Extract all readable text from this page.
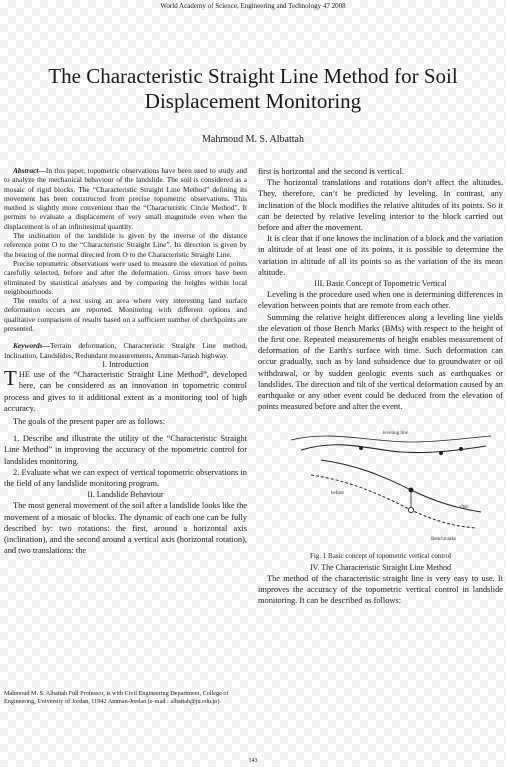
World Academy of Science, Engineering and Technology 47 2008
The Characteristic Straight Line Method for Soil Displacement Monitoring
Mahmoud M. S. Albattah

Abstract—In this paper, topometric observations have been used to study and to analyze the mechanical behaviour of the landslide. The soil is considered as a mosaic of rigid blocks. The “Characteristic Straight Line Method” defining its movement has been constructed from precise topometric observations. This method is slightly more convenient than the “Characteristic Circle Method”. It permits to evaluate a displacement of very small magnitude even when the displacement is of an infinitesimal quantity.

The inclination of the landslide is given by the inverse of the distance reference point O to the “Characteristic Straight Line”. Its direction is given by the bearing of the normal directed from O to the Characteristic Straight Line.

Precise topometric observations were used to measure the elevation of points carefully selected, before and after the deformation. Gross errors have been eliminated by statistical analyses and by comparing the heights within local neighbourhoods.

The results of a test using an area where very interesting land surface deformation occurs are reported. Monitoring with different options and qualitative comparison of results based on a sufficient number of checkpoints are presented.

Keywords—Terrain deformation, Characteristic Straight Line method, Inclination, Landslides, Redundant measurements, Amman-Jarash highway.

I. Introduction

THE use of the “Characteristic Straight Line Method”, developed here, can be considered as an innovation in topometric control process and gives to it additional extent as a monitoring tool of high accuracy.

The goals of the present paper are as follows:

1. Describe and illustrate the utility of the “Characteristic Straight Line Method” in improving the accuracy of the topometric control for landslides monitoring.

2. Evaluate what we can expect of vertical topometric observations in the field of any landslide monitoring program.

II. Landslide Behaviour

The most general movement of the soil after a landslide looks like the movement of a mosaic of blocks. The dynamic of each one can be fully described by: two rotations: the first, around a horizontal axis (inclination), and the second around a vertical axis (horizontal rotation), and two translations: the

Mahmoud M. S. Albattah Full Professor, is with Civil Engineering Department, College of Engineering, University of Jordan, 11942 Amman-Jordan (e-mail : albattah@ju.edu.jo).

first is horizontal and the second is vertical.

The horizontal translations and rotations don’t affect the altitudes. They, therefore, can’t be predicted by leveling. In contrast, any inclination of the block modifies the relative altitudes of its points. So it can be detected by relative leveling interior to the block carried out before and after the movement.

It is clear that if one knows the inclination of a block and the variation in altitude of at least one of its points, it is possible to determine the variation in altitude of all its points so as the variation of the its mean altitude.

III. Basic Concept of Topometric Vertical

Leveling is the procedure used when one is determining differences in elevation between points that are remote from each other.

Summing the relative height differences along a leveling line yields the elevation of those Bench Marks (BMs) with respect to the height of the first one. Repeated measurements of height enables measurement of deformation of the Earth's surface with time. Such deformation can occur gradually, such as by land subsidence due to groundwater or oil withdrawal, or by sudden geologic events such as earthquakes or landslides. The direction and tilt of the vertical deformation caused by an earthquake or any other event could be deduced from the elevation of points measured before and after the event.

leveling line
after
before
Benchmarks

Fig. 1 Basic concept of topometric vertical control

IV. The Characteristic Straight Line Method

The method of the characteristic straight line is very easy to use. It improves the accuracy of the topometric vertical control in landslide monitoring. It can be described as follows:

143
